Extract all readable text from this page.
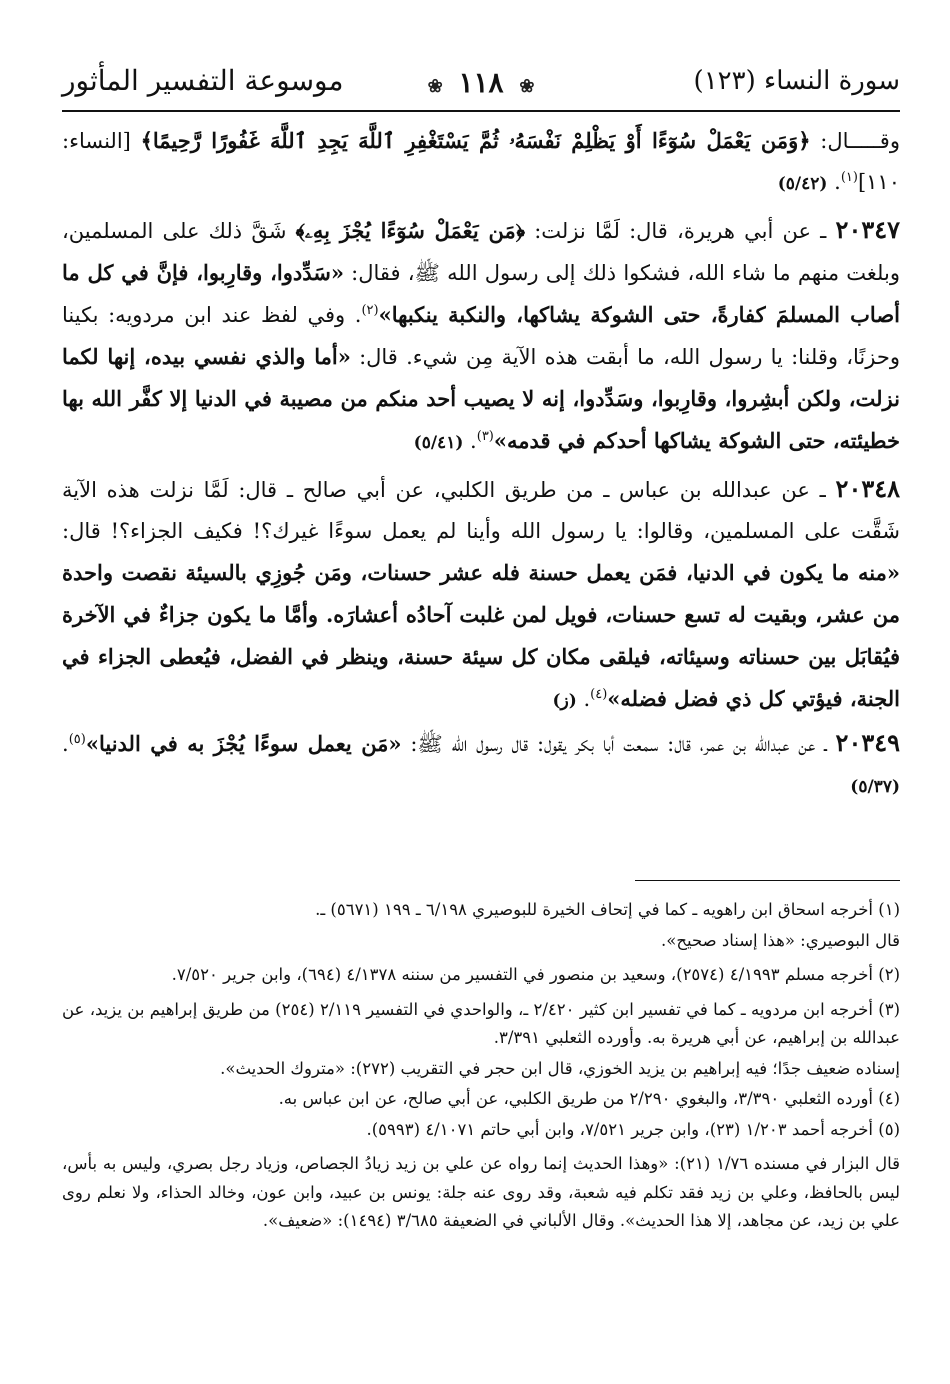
سورة النساء (١٢٣)
❀ ١١٨ ❀
موسوعة التفسير المأثور

وقـــــال: ﴿وَمَن يَعْمَلْ سُوٓءًا أَوْ يَظْلِمْ نَفْسَهُۥ ثُمَّ يَسْتَغْفِرِ ٱللَّهَ يَجِدِ ٱللَّهَ غَفُورًا رَّحِيمًا﴾ [النساء: ١١٠]$^{(١)}$. (٥/٤٢)

٢٠٣٤٧ ـ عن أبي هريرة، قال: لَمَّا نزلت: ﴿مَن يَعْمَلْ سُوٓءًا يُجْزَ بِهِۦ﴾ شَقَّ ذلك على المسلمين، وبلغت منهم ما شاء الله، فشكوا ذلك إلى رسول الله ﷺ، فقال: «سَدِّدوا، وقارِبوا، فإنَّ في كل ما أصاب المسلمَ كفارةً، حتى الشوكة يشاكها، والنكبة ينكبها»$^{(٢)}$. وفي لفظ عند ابن مردويه: بكينا وحزنًا، وقلنا: يا رسول الله، ما أبقت هذه الآية مِن شيء. قال: «أما والذي نفسي بيده، إنها لكما نزلت، ولكن أبشِروا، وقارِبوا، وسَدِّدوا، إنه لا يصيب أحد منكم من مصيبة في الدنيا إلا كفَّر الله بها خطيئته، حتى الشوكة يشاكها أحدكم في قدمه»$^{(٣)}$. (٥/٤١)

٢٠٣٤٨ ـ عن عبدالله بن عباس ـ من طريق الكلبي، عن أبي صالح ـ قال: لَمَّا نزلت هذه الآية شَقَّت على المسلمين، وقالوا: يا رسول الله وأينا لم يعمل سوءًا غيرك؟! فكيف الجزاء؟! قال: «منه ما يكون في الدنيا، فمَن يعمل حسنة فله عشر حسنات، ومَن جُوزِي بالسيئة نقصت واحدة من عشر، وبقيت له تسع حسنات، فويل لمن غلبت آحادُه أعشارَه. وأمَّا ما يكون جزاءٌ في الآخرة فيُقابَل بين حسناته وسيئاته، فيلقى مكان كل سيئة حسنة، وينظر في الفضل، فيُعطى الجزاء في الجنة، فيؤتي كل ذي فضل فضله»$^{(٤)}$. (ز)

٢٠٣٤٩ ـ عن عبدالله بن عمر، قال: سمعت أبا بكر يقول: قال رسول الله ﷺ: «مَن يعمل سوءًا يُجْزَ به في الدنيا»$^{(٥)}$. (٥/٣٧)

(١) أخرجه اسحاق ابن راهويه ـ كما في إتحاف الخيرة للبوصيري ٦/١٩٨ ـ ١٩٩ (٥٦٧١) ـ.

قال البوصيري: «هذا إسناد صحيح».

(٢) أخرجه مسلم ٤/١٩٩٣ (٢٥٧٤)، وسعيد بن منصور في التفسير من سننه ٤/١٣٧٨ (٦٩٤)، وابن جرير ٧/٥٢٠.

(٣) أخرجه ابن مردويه ـ كما في تفسير ابن كثير ٢/٤٢٠ ـ، والواحدي في التفسير ٢/١١٩ (٢٥٤) من طريق إبراهيم بن يزيد، عن عبدالله بن إبراهيم، عن أبي هريرة به. وأورده الثعلبي ٣/٣٩١.

إسناده ضعيف جدًا؛ فيه إبراهيم بن يزيد الخوزي، قال ابن حجر في التقريب (٢٧٢): «متروك الحديث».

(٤) أورده الثعلبي ٣/٣٩٠، والبغوي ٢/٢٩٠ من طريق الكلبي، عن أبي صالح، عن ابن عباس به.

(٥) أخرجه أحمد ١/٢٠٣ (٢٣)، وابن جرير ٧/٥٢١، وابن أبي حاتم ٤/١٠٧١ (٥٩٩٣).

قال البزار في مسنده ١/٧٦ (٢١): «وهذا الحديث إنما رواه عن علي بن زيد زيادُ الجصاص، وزياد رجل بصري، وليس به بأس، ليس بالحافظ، وعلي بن زيد فقد تكلم فيه شعبة، وقد روى عنه جلة: يونس بن عبيد، وابن عون، وخالد الحذاء، ولا نعلم روى علي بن زيد، عن مجاهد، إلا هذا الحديث». وقال الألباني في الضعيفة ٣/٦٨٥ (١٤٩٤): «ضعيف».
